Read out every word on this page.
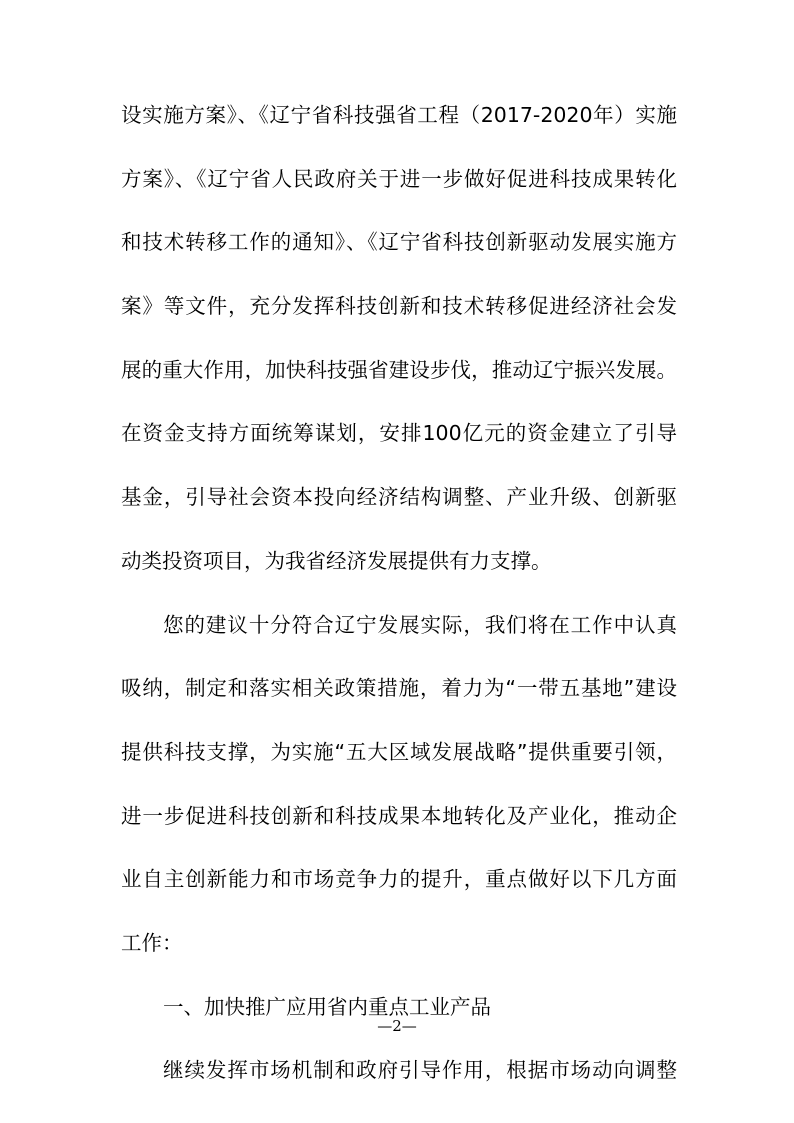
设实施方案》、《辽宁省科技强省工程（2017-2020年）实施
方案》、《辽宁省人民政府关于进一步做好促进科技成果转化
和技术转移工作的通知》、《辽宁省科技创新驱动发展实施方
案》等文件，充分发挥科技创新和技术转移促进经济社会发
展的重大作用，加快科技强省建设步伐，推动辽宁振兴发展。
在资金支持方面统筹谋划，安排100亿元的资金建立了引导
基金，引导社会资本投向经济结构调整、产业升级、创新驱
动类投资项目，为我省经济发展提供有力支撑。
您的建议十分符合辽宁发展实际，我们将在工作中认真
吸纳，制定和落实相关政策措施，着力为“一带五基地”建设
提供科技支撑，为实施“五大区域发展战略”提供重要引领，
进一步促进科技创新和科技成果本地转化及产业化，推动企
业自主创新能力和市场竞争力的提升，重点做好以下几方面
工作：
一、加快推广应用省内重点工业产品
继续发挥市场机制和政府引导作用，根据市场动向调整
—2—
